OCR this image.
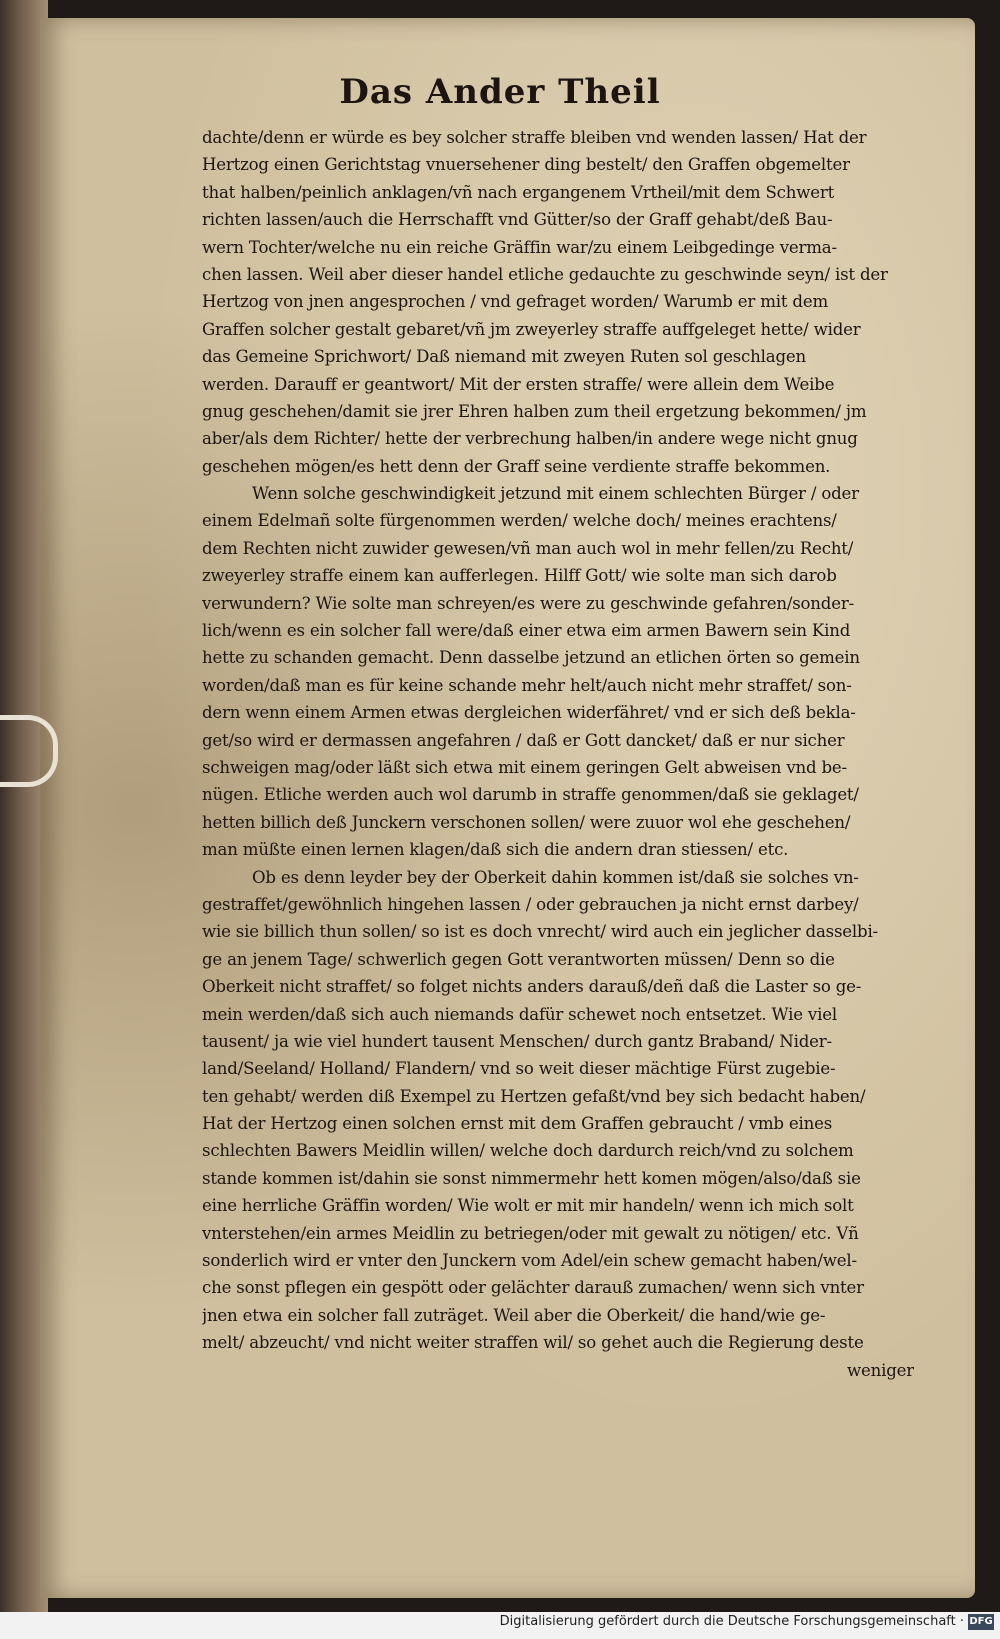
Das Ander Theil
dachte/denn er würde es bey solcher straffe bleiben vnd wenden lassen/ Hat der
Hertzog einen Gerichtstag vnuersehener ding bestelt/ den Graffen obgemelter
that halben/peinlich anklagen/vñ nach ergangenem Vrtheil/mit dem Schwert
richten lassen/auch die Herrschafft vnd Gütter/so der Graff gehabt/deß Bau-
wern Tochter/welche nu ein reiche Gräffin war/zu einem Leibgedinge verma-
chen lassen. Weil aber dieser handel etliche gedauchte zu geschwinde seyn/ ist der
Hertzog von jnen angesprochen / vnd gefraget worden/ Warumb er mit dem
Graffen solcher gestalt gebaret/vñ jm zweyerley straffe auffgeleget hette/ wider
das Gemeine Sprichwort/ Daß niemand mit zweyen Ruten sol geschlagen
werden. Darauff er geantwort/ Mit der ersten straffe/ were allein dem Weibe
gnug geschehen/damit sie jrer Ehren halben zum theil ergetzung bekommen/ jm
aber/als dem Richter/ hette der verbrechung halben/in andere wege nicht gnug
geschehen mögen/es hett denn der Graff seine verdiente straffe bekommen.
Wenn solche geschwindigkeit jetzund mit einem schlechten Bürger / oder
einem Edelmañ solte fürgenommen werden/ welche doch/ meines erachtens/
dem Rechten nicht zuwider gewesen/vñ man auch wol in mehr fellen/zu Recht/
zweyerley straffe einem kan aufferlegen. Hilff Gott/ wie solte man sich darob
verwundern? Wie solte man schreyen/es were zu geschwinde gefahren/sonder-
lich/wenn es ein solcher fall were/daß einer etwa eim armen Bawern sein Kind
hette zu schanden gemacht. Denn dasselbe jetzund an etlichen örten so gemein
worden/daß man es für keine schande mehr helt/auch nicht mehr straffet/ son-
dern wenn einem Armen etwas dergleichen widerfähret/ vnd er sich deß bekla-
get/so wird er dermassen angefahren / daß er Gott dancket/ daß er nur sicher
schweigen mag/oder läßt sich etwa mit einem geringen Gelt abweisen vnd be-
nügen. Etliche werden auch wol darumb in straffe genommen/daß sie geklaget/
hetten billich deß Junckern verschonen sollen/ were zuuor wol ehe geschehen/
man müßte einen lernen klagen/daß sich die andern dran stiessen/ etc.
Ob es denn leyder bey der Oberkeit dahin kommen ist/daß sie solches vn-
gestraffet/gewöhnlich hingehen lassen / oder gebrauchen ja nicht ernst darbey/
wie sie billich thun sollen/ so ist es doch vnrecht/ wird auch ein jeglicher dasselbi-
ge an jenem Tage/ schwerlich gegen Gott verantworten müssen/ Denn so die
Oberkeit nicht straffet/ so folget nichts anders darauß/deñ daß die Laster so ge-
mein werden/daß sich auch niemands dafür schewet noch entsetzet. Wie viel
tausent/ ja wie viel hundert tausent Menschen/ durch gantz Braband/ Nider-
land/Seeland/ Holland/ Flandern/ vnd so weit dieser mächtige Fürst zugebie-
ten gehabt/ werden diß Exempel zu Hertzen gefaßt/vnd bey sich bedacht haben/
Hat der Hertzog einen solchen ernst mit dem Graffen gebraucht / vmb eines
schlechten Bawers Meidlin willen/ welche doch dardurch reich/vnd zu solchem
stande kommen ist/dahin sie sonst nimmermehr hett komen mögen/also/daß sie
eine herrliche Gräffin worden/ Wie wolt er mit mir handeln/ wenn ich mich solt
vnterstehen/ein armes Meidlin zu betriegen/oder mit gewalt zu nötigen/ etc. Vñ
sonderlich wird er vnter den Junckern vom Adel/ein schew gemacht haben/wel-
che sonst pflegen ein gespött oder gelächter darauß zumachen/ wenn sich vnter
jnen etwa ein solcher fall zuträget. Weil aber die Oberkeit/ die hand/wie ge-
melt/ abzeucht/ vnd nicht weiter straffen wil/ so gehet auch die Regierung deste
weniger
Digitalisierung gefördert durch die Deutsche Forschungsgemeinschaft · DFG
